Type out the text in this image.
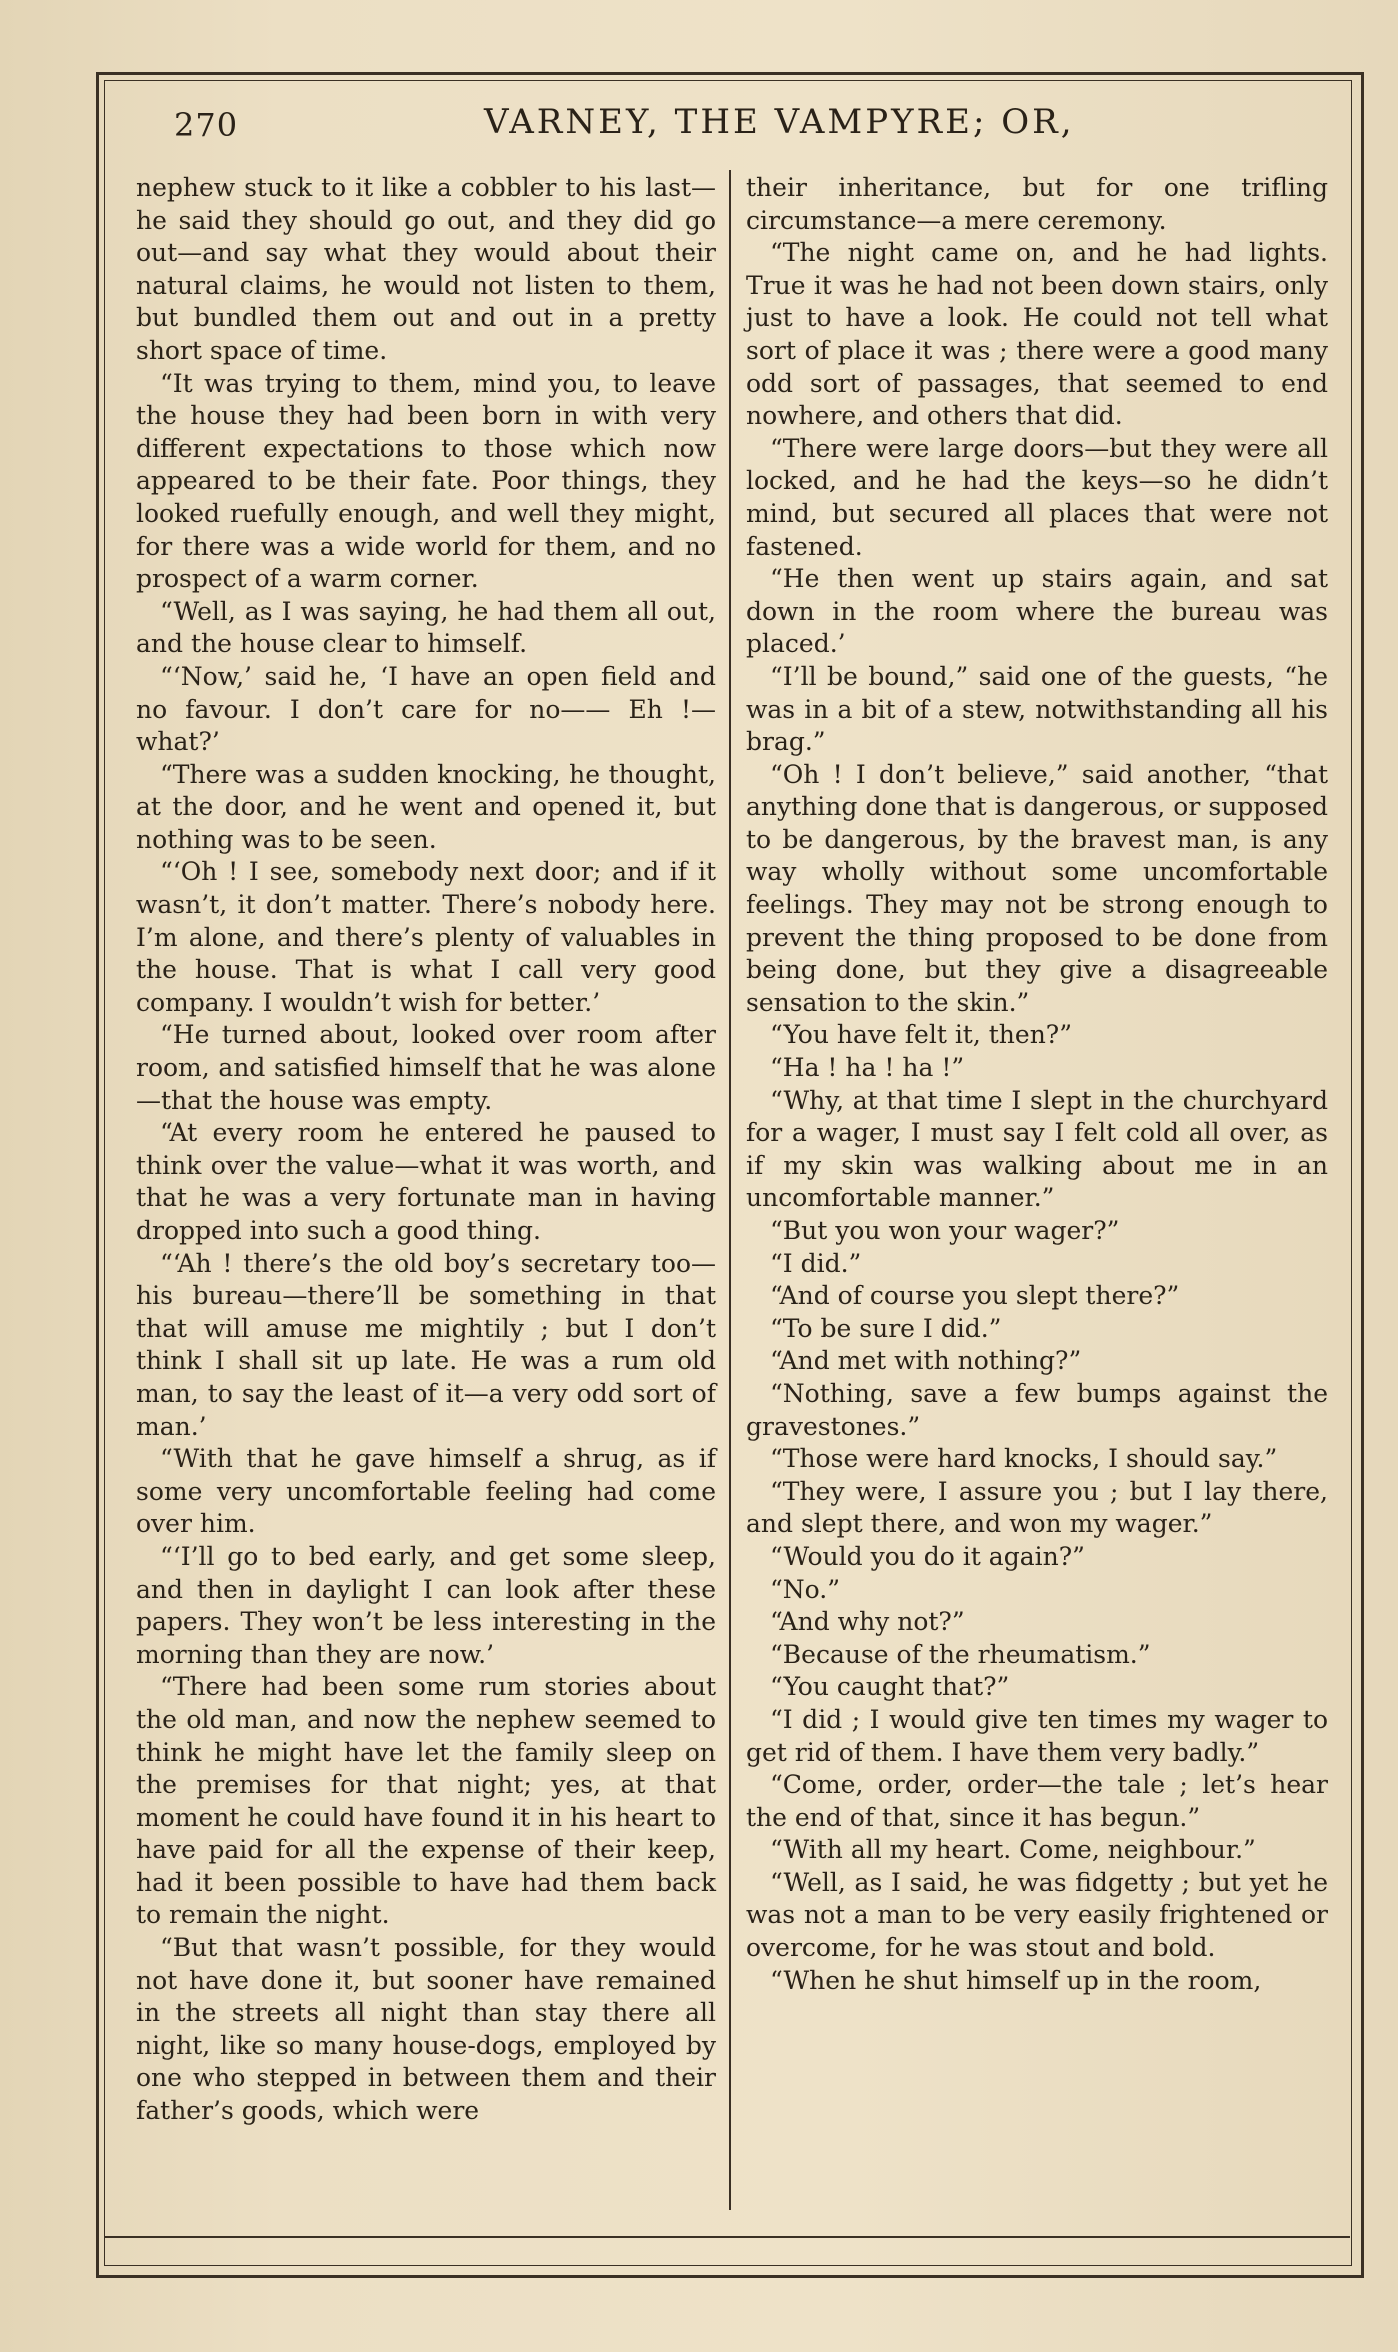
270	VARNEY, THE VAMPYRE; OR,

nephew stuck to it like a cobbler to his last—he said they should go out, and they did go out—and say what they would about their natural claims, he would not listen to them, but bundled them out and out in a pretty short space of time.

“It was trying to them, mind you, to leave the house they had been born in with very different expectations to those which now appeared to be their fate. Poor things, they looked ruefully enough, and well they might, for there was a wide world for them, and no prospect of a warm corner.

“Well, as I was saying, he had them all out, and the house clear to himself.

“‘Now,’ said he, ‘I have an open field and no favour. I don’t care for no—— Eh !—what?’

“There was a sudden knocking, he thought, at the door, and he went and opened it, but nothing was to be seen.

“‘Oh ! I see, somebody next door; and if it wasn’t, it don’t matter. There’s nobody here. I’m alone, and there’s plenty of valuables in the house. That is what I call very good company. I wouldn’t wish for better.’

“He turned about, looked over room after room, and satisfied himself that he was alone—that the house was empty.

“At every room he entered he paused to think over the value—what it was worth, and that he was a very fortunate man in having dropped into such a good thing.

“‘Ah ! there’s the old boy’s secretary too—his bureau—there’ll be something in that that will amuse me mightily ; but I don’t think I shall sit up late. He was a rum old man, to say the least of it—a very odd sort of man.’

“With that he gave himself a shrug, as if some very uncomfortable feeling had come over him.

“‘I’ll go to bed early, and get some sleep, and then in daylight I can look after these papers. They won’t be less interesting in the morning than they are now.’

“There had been some rum stories about the old man, and now the nephew seemed to think he might have let the family sleep on the premises for that night; yes, at that moment he could have found it in his heart to have paid for all the expense of their keep, had it been possible to have had them back to remain the night.

“But that wasn’t possible, for they would not have done it, but sooner have remained in the streets all night than stay there all night, like so many house-dogs, employed by one who stepped in between them and their father’s goods, which were

their inheritance, but for one trifling circumstance—a mere ceremony.

“The night came on, and he had lights. True it was he had not been down stairs, only just to have a look. He could not tell what sort of place it was ; there were a good many odd sort of passages, that seemed to end nowhere, and others that did.

“There were large doors—but they were all locked, and he had the keys—so he didn’t mind, but secured all places that were not fastened.

“He then went up stairs again, and sat down in the room where the bureau was placed.’

“I’ll be bound,” said one of the guests, “he was in a bit of a stew, notwithstanding all his brag.”

“Oh ! I don’t believe,” said another, “that anything done that is dangerous, or supposed to be dangerous, by the bravest man, is any way wholly without some uncomfortable feelings. They may not be strong enough to prevent the thing proposed to be done from being done, but they give a disagreeable sensation to the skin.”

“You have felt it, then?”

“Ha ! ha ! ha !”

“Why, at that time I slept in the churchyard for a wager, I must say I felt cold all over, as if my skin was walking about me in an uncomfortable manner.”

“But you won your wager?”

“I did.”

“And of course you slept there?”

“To be sure I did.”

“And met with nothing?”

“Nothing, save a few bumps against the gravestones.”

“Those were hard knocks, I should say.”

“They were, I assure you ; but I lay there, and slept there, and won my wager.”

“Would you do it again?”

“No.”

“And why not?”

“Because of the rheumatism.”

“You caught that?”

“I did ; I would give ten times my wager to get rid of them. I have them very badly.”

“Come, order, order—the tale ; let’s hear the end of that, since it has begun.”

“With all my heart. Come, neighbour.”

“Well, as I said, he was fidgetty ; but yet he was not a man to be very easily frightened or overcome, for he was stout and bold.

“When he shut himself up in the room,
